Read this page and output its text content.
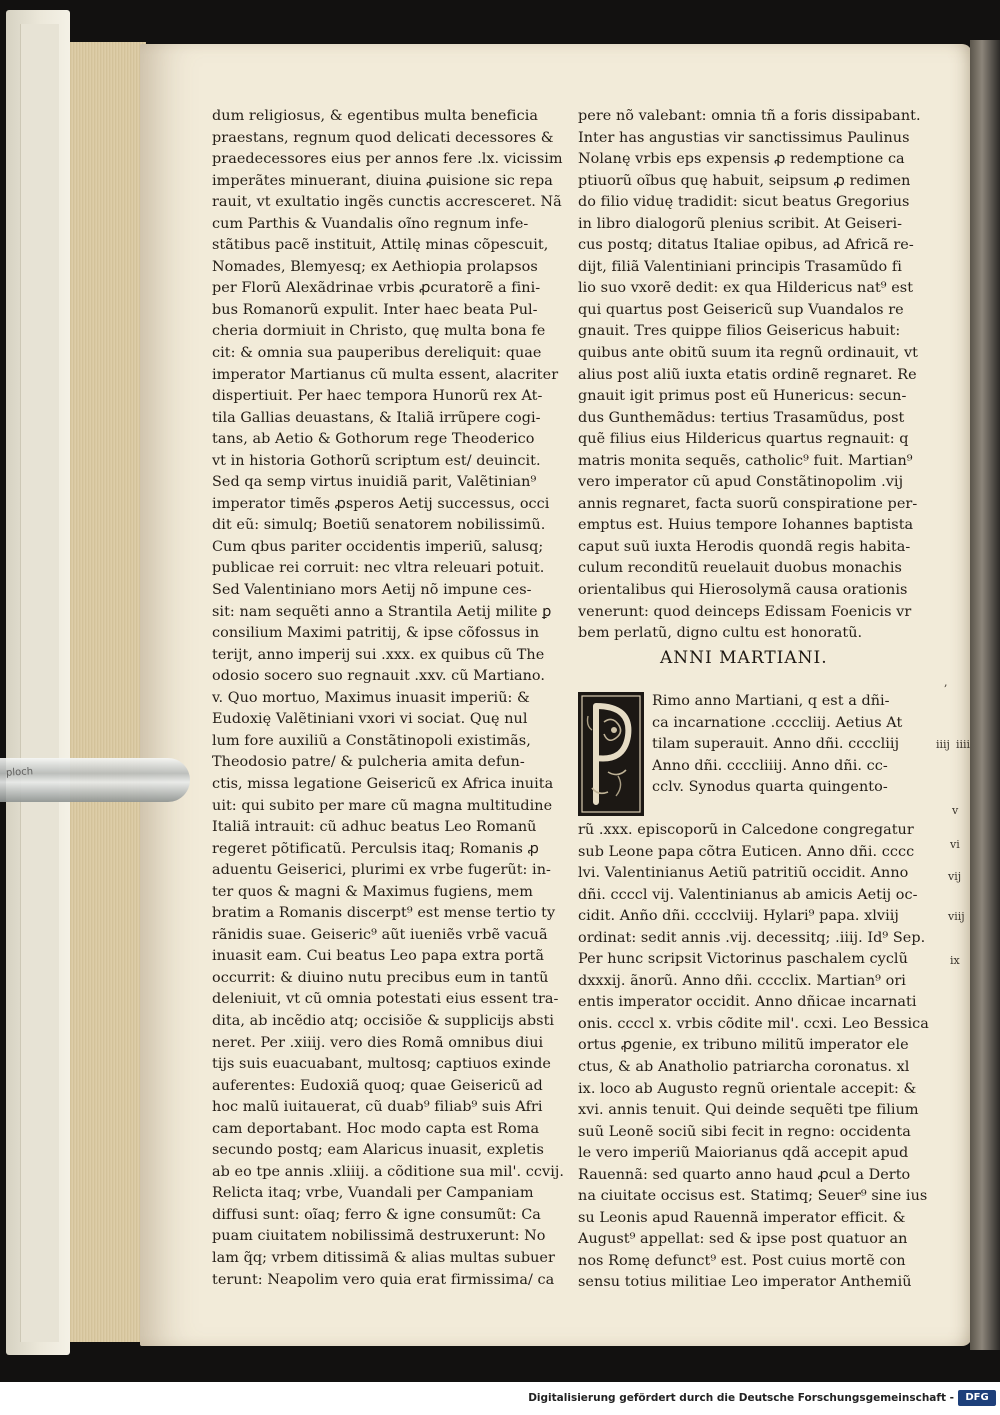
dum religiosus, & egentibus multa beneficia
praestans, regnum quod delicati decessores &
praedecessores eius per annos fere .lx. vicissim
imperãtes minuerant, diuina ꝓuisione sic repa
rauit, vt exultatio ingẽs cunctis accresceret. Nã
cum Parthis & Vuandalis oĩno regnum infe-
stãtibus pacẽ instituit, Attilę minas cõpescuit,
Nomades, Blemyesq; ex Aethiopia prolapsos
per Florũ Alexãdrinae vrbis ꝓcuratorẽ a fini-
bus Romanorũ expulit. Inter haec beata Pul-
cheria dormiuit in Christo, quę multa bona fe
cit: & omnia sua pauperibus dereliquit: quae
imperator Martianus cũ multa essent, alacriter
dispertiuit. Per haec tempora Hunorũ rex At-
tila Gallias deuastans, & Italiã irrũpere cogi-
tans, ab Aetio & Gothorum rege Theoderico
vt in historia Gothorũ scriptum est/ deuincit.
Sed qa semp virtus inuidiã parit, Valẽtinian⁹
imperator timẽs ꝓsperos Aetij successus, occi
dit eũ: simulq; Boetiũ senatorem nobilissimũ.
Cum qbus pariter occidentis imperiũ, salusq;
publicae rei corruit: nec vltra releuari potuit.
Sed Valentiniano mors Aetij nõ impune ces-
sit: nam sequẽti anno a Strantila Aetij milite ꝑ
consilium Maximi patritij, & ipse cõfossus in
terijt, anno imperij sui .xxx. ex quibus cũ The
odosio socero suo regnauit .xxv. cũ Martiano.
v. Quo mortuo, Maximus inuasit imperiũ: &
Eudoxię Valẽtiniani vxori vi sociat. Quę nul
lum fore auxiliũ a Constãtinopoli existimãs,
Theodosio patre/ & pulcheria amita defun-
ctis, missa legatione Geisericũ ex Africa inuita
uit: qui subito per mare cũ magna multitudine
Italiã intrauit: cũ adhuc beatus Leo Romanũ
regeret põtificatũ. Perculsis itaq; Romanis ꝓ
aduentu Geiserici, plurimi ex vrbe fugerũt: in-
ter quos & magni & Maximus fugiens, mem
bratim a Romanis discerpt⁹ est mense tertio ty
rãnidis suae. Geiseric⁹ aũt iueniẽs vrbẽ vacuã
inuasit eam. Cui beatus Leo papa extra portã
occurrit: & diuino nutu precibus eum in tantũ
deleniuit, vt cũ omnia potestati eius essent tra-
dita, ab incẽdio atq; occisiõe & supplicijs absti
neret. Per .xiiij. vero dies Romã omnibus diui
tijs suis euacuabant, multosq; captiuos exinde
auferentes: Eudoxiã quoq; quae Geisericũ ad
hoc malũ iuitauerat, cũ duab⁹ filiab⁹ suis Afri
cam deportabant. Hoc modo capta est Roma
secundo postq; eam Alaricus inuasit, expletis
ab eo tpe annis .xliiij. a cõditione sua mil'. ccvij.
Relicta itaq; vrbe, Vuandali per Campaniam
diffusi sunt: oĩaq; ferro & igne consumũt: Ca
puam ciuitatem nobilissimã destruxerunt: No
lam q̃q; vrbem ditissimã & alias multas subuer
terunt: Neapolim vero quia erat firmissima/ ca
pere nõ valebant: omnia tñ a foris dissipabant.
Inter has angustias vir sanctissimus Paulinus
Nolanę vrbis eps expensis ꝓ redemptione ca
ptiuorũ oĩbus quę habuit, seipsum ꝓ redimen
do filio viduę tradidit: sicut beatus Gregorius
in libro dialogorũ plenius scribit. At Geiseri-
cus postq; ditatus Italiae opibus, ad Africã re-
dijt, filiã Valentiniani principis Trasamũdo fi
lio suo vxorẽ dedit: ex qua Hildericus nat⁹ est
qui quartus post Geisericũ sup Vuandalos re
gnauit. Tres quippe filios Geisericus habuit:
quibus ante obitũ suum ita regnũ ordinauit, vt
alius post aliũ iuxta etatis ordinẽ regnaret. Re
gnauit igit primus post eũ Hunericus: secun-
dus Gunthemãdus: tertius Trasamũdus, post
quẽ filius eius Hildericus quartus regnauit: q
matris monita sequẽs, catholic⁹ fuit. Martian⁹
vero imperator cũ apud Constãtinopolim .vij
annis regnaret, facta suorũ conspiratione per-
emptus est. Huius tempore Iohannes baptista
caput suũ iuxta Herodis quondã regis habita-
culum reconditũ reuelauit duobus monachis
orientalibus qui Hierosolymã causa orationis
venerunt: quod deinceps Edissam Foenicis vr
bem perlatũ, digno cultu est honoratũ.
ANNI MARTIANI.
Rimo anno Martiani, q est a dñi-
ca incarnatione .ccccliij. Aetius At
tilam superauit. Anno dñi. ccccliij
Anno dñi. ccccliiij. Anno dñi. cc-
cclv. Synodus quarta quingento-
rũ .xxx. episcoporũ in Calcedone congregatur
sub Leone papa cõtra Euticen. Anno dñi. cccc
lvi. Valentinianus Aetiũ patritiũ occidit. Anno
dñi. ccccl vij. Valentinianus ab amicis Aetij oc-
cidit. Anño dñi. cccclviij. Hylari⁹ papa. xlviij
ordinat: sedit annis .vij. decessitq; .iiij. Id⁹ Sep.
Per hunc scripsit Victorinus paschalem cyclũ
dxxxij. ãnorũ. Anno dñi. cccclix. Martian⁹ ori
entis imperator occidit. Anno dñicae incarnati
onis. ccccl x. vrbis cõdite mil'. ccxi. Leo Bessica
ortus ꝓgenie, ex tribuno militũ imperator ele
ctus, & ab Anatholio patriarcha coronatus. xl
ix. loco ab Augusto regnũ orientale accepit: &
xvi. annis tenuit. Qui deinde sequẽti tpe filium
suũ Leonẽ sociũ sibi fecit in regno: occidenta
le vero imperiũ Maiorianus qdã accepit apud
Rauennã: sed quarto anno haud ꝓcul a Derto
na ciuitate occisus est. Statimq; Seuer⁹ sine ius
su Leonis apud Rauennã imperator efficit. &
August⁹ appellat: sed & ipse post quatuor an
nos Romę defunct⁹ est. Post cuius mortẽ con
sensu totius militiae Leo imperator Anthemiũ
,
iiij iiii
v
vi
vij
viij
ix
ploch
Digitalisierung gefördert durch die Deutsche Forschungsgemeinschaft -	DFG
